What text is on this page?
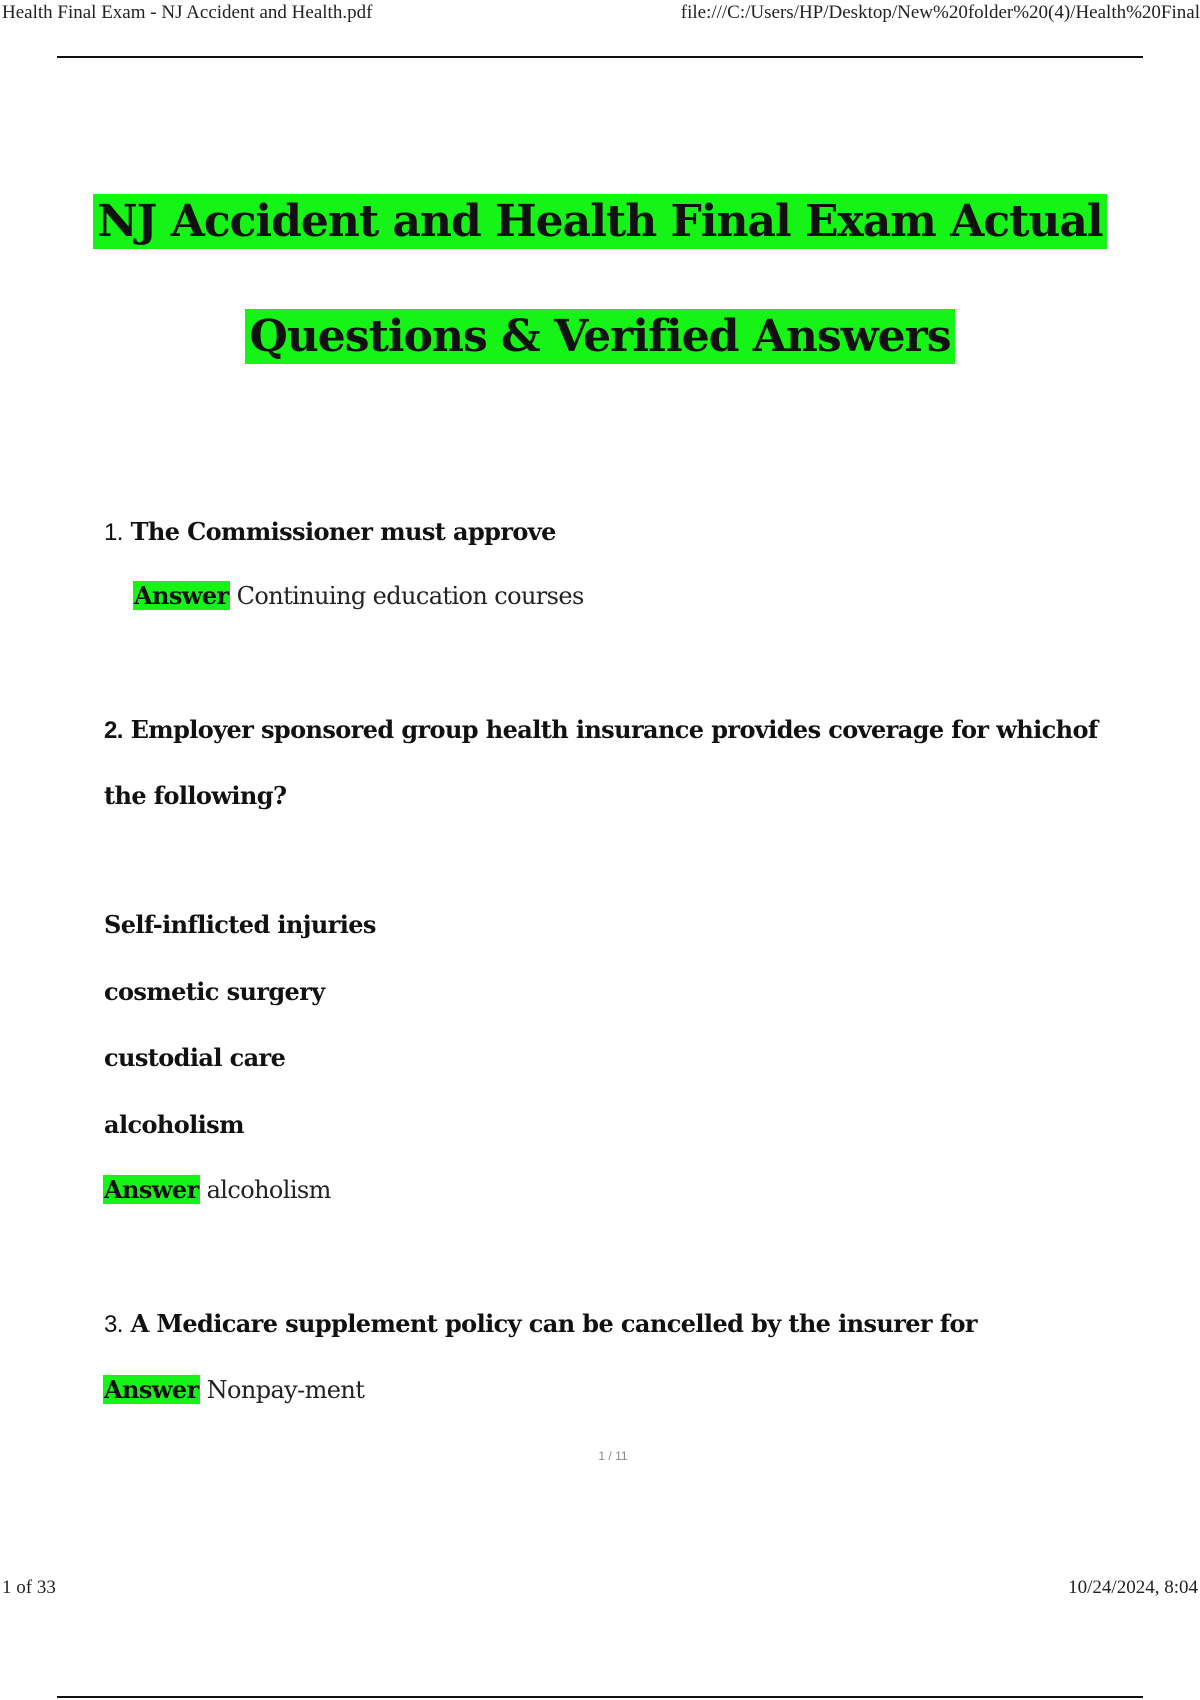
Health Final Exam - NJ Accident and Health.pdf	file:///C:/Users/HP/Desktop/New%20folder%20(4)/Health%20Final
NJ Accident and Health Final Exam Actual
Questions & Verified Answers
1. The Commissioner must approve
Answer Continuing education courses
2. Employer sponsored group health insurance provides coverage for whichof
the following?
Self-inflicted injuries
cosmetic surgery
custodial care
alcoholism
Answer alcoholism
3. A Medicare supplement policy can be cancelled by the insurer for
Answer Nonpay-ment
1 / 11
1 of 33	10/24/2024, 8:04
